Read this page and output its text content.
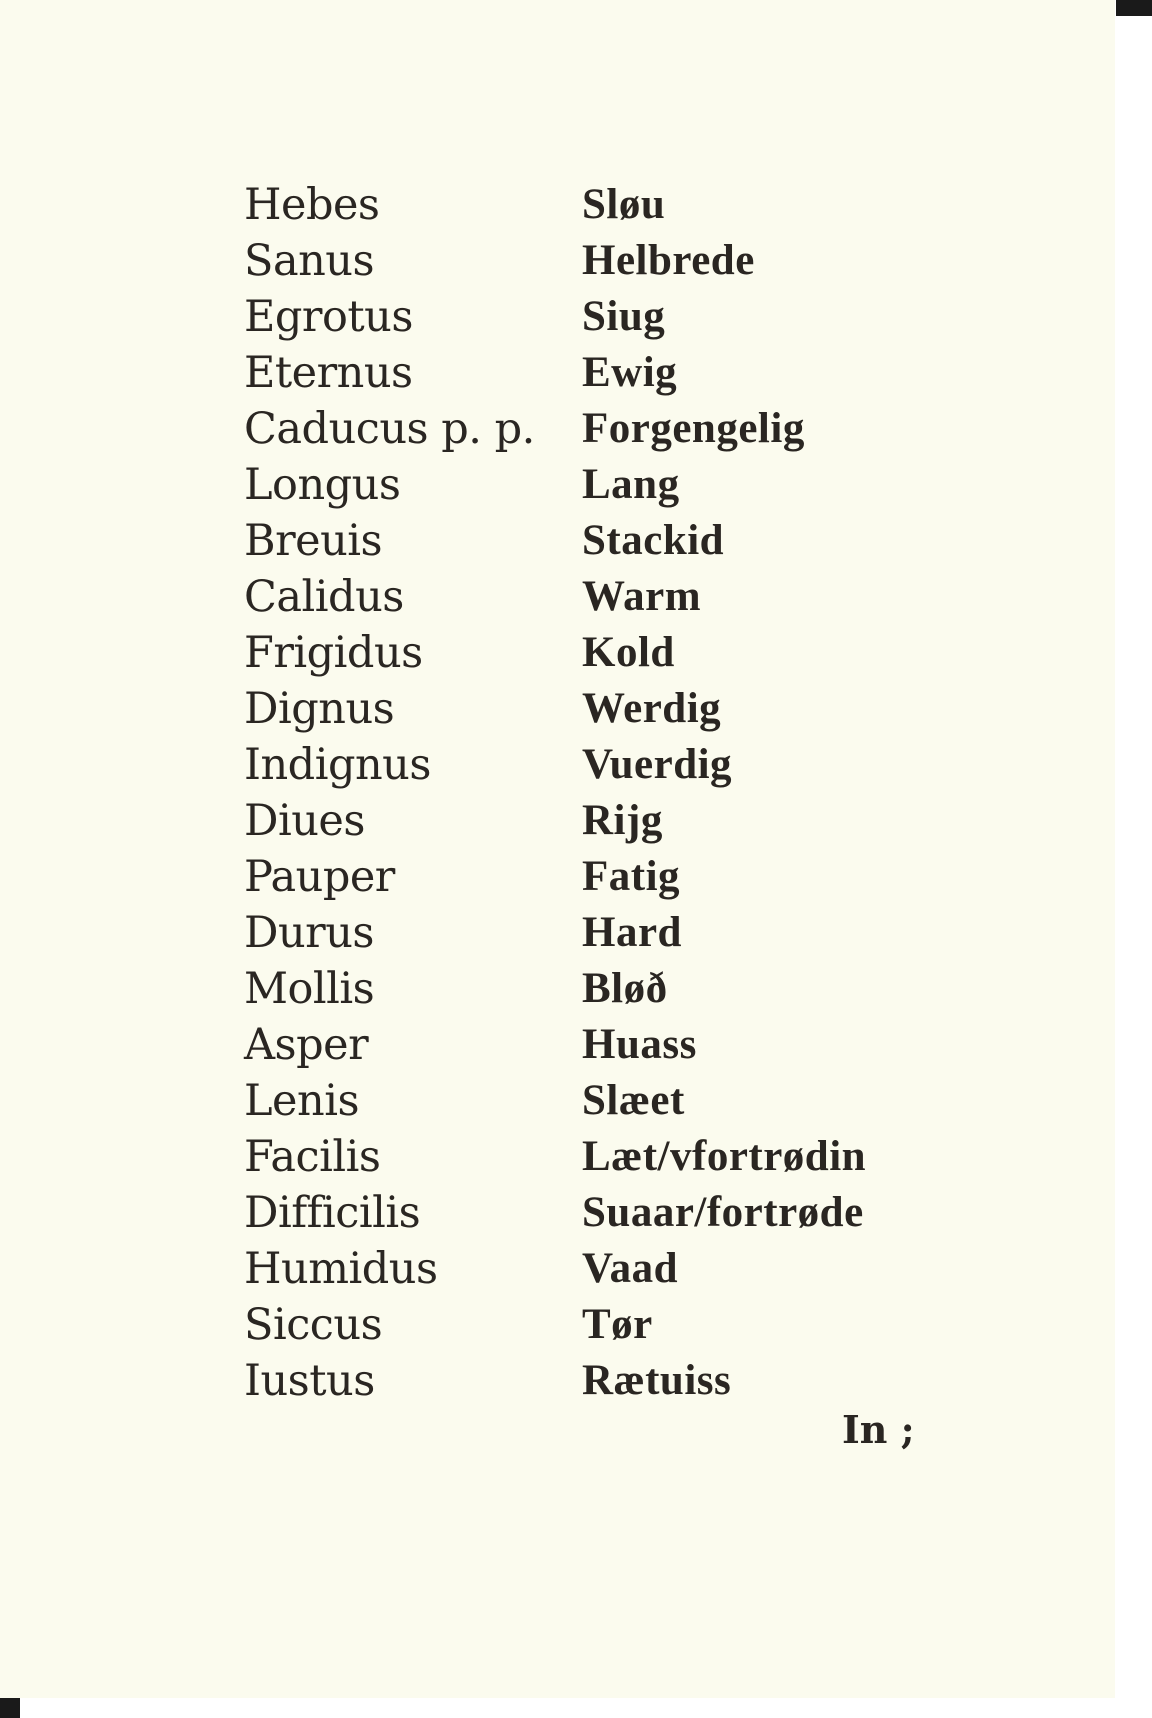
Hebes
Sanus
Egrotus
Eternus
Caducus p. p.
Longus
Breuis
Calidus
Frigidus
Dignus
Indignus
Diues
Pauper
Durus
Mollis
Asper
Lenis
Facilis
Difficilis
Humidus
Siccus
Iustus
Sløu
Helbrede
Siug
Ewig
Forgengelig
Lang
Stackid
Warm
Kold
Werdig
Vuerdig
Rijg
Fatig
Hard
Bløð
Huass
Slæet
Læt/vfortrødin
Suaar/fortrøde
Vaad
Tør
Rætuiss
In ;
